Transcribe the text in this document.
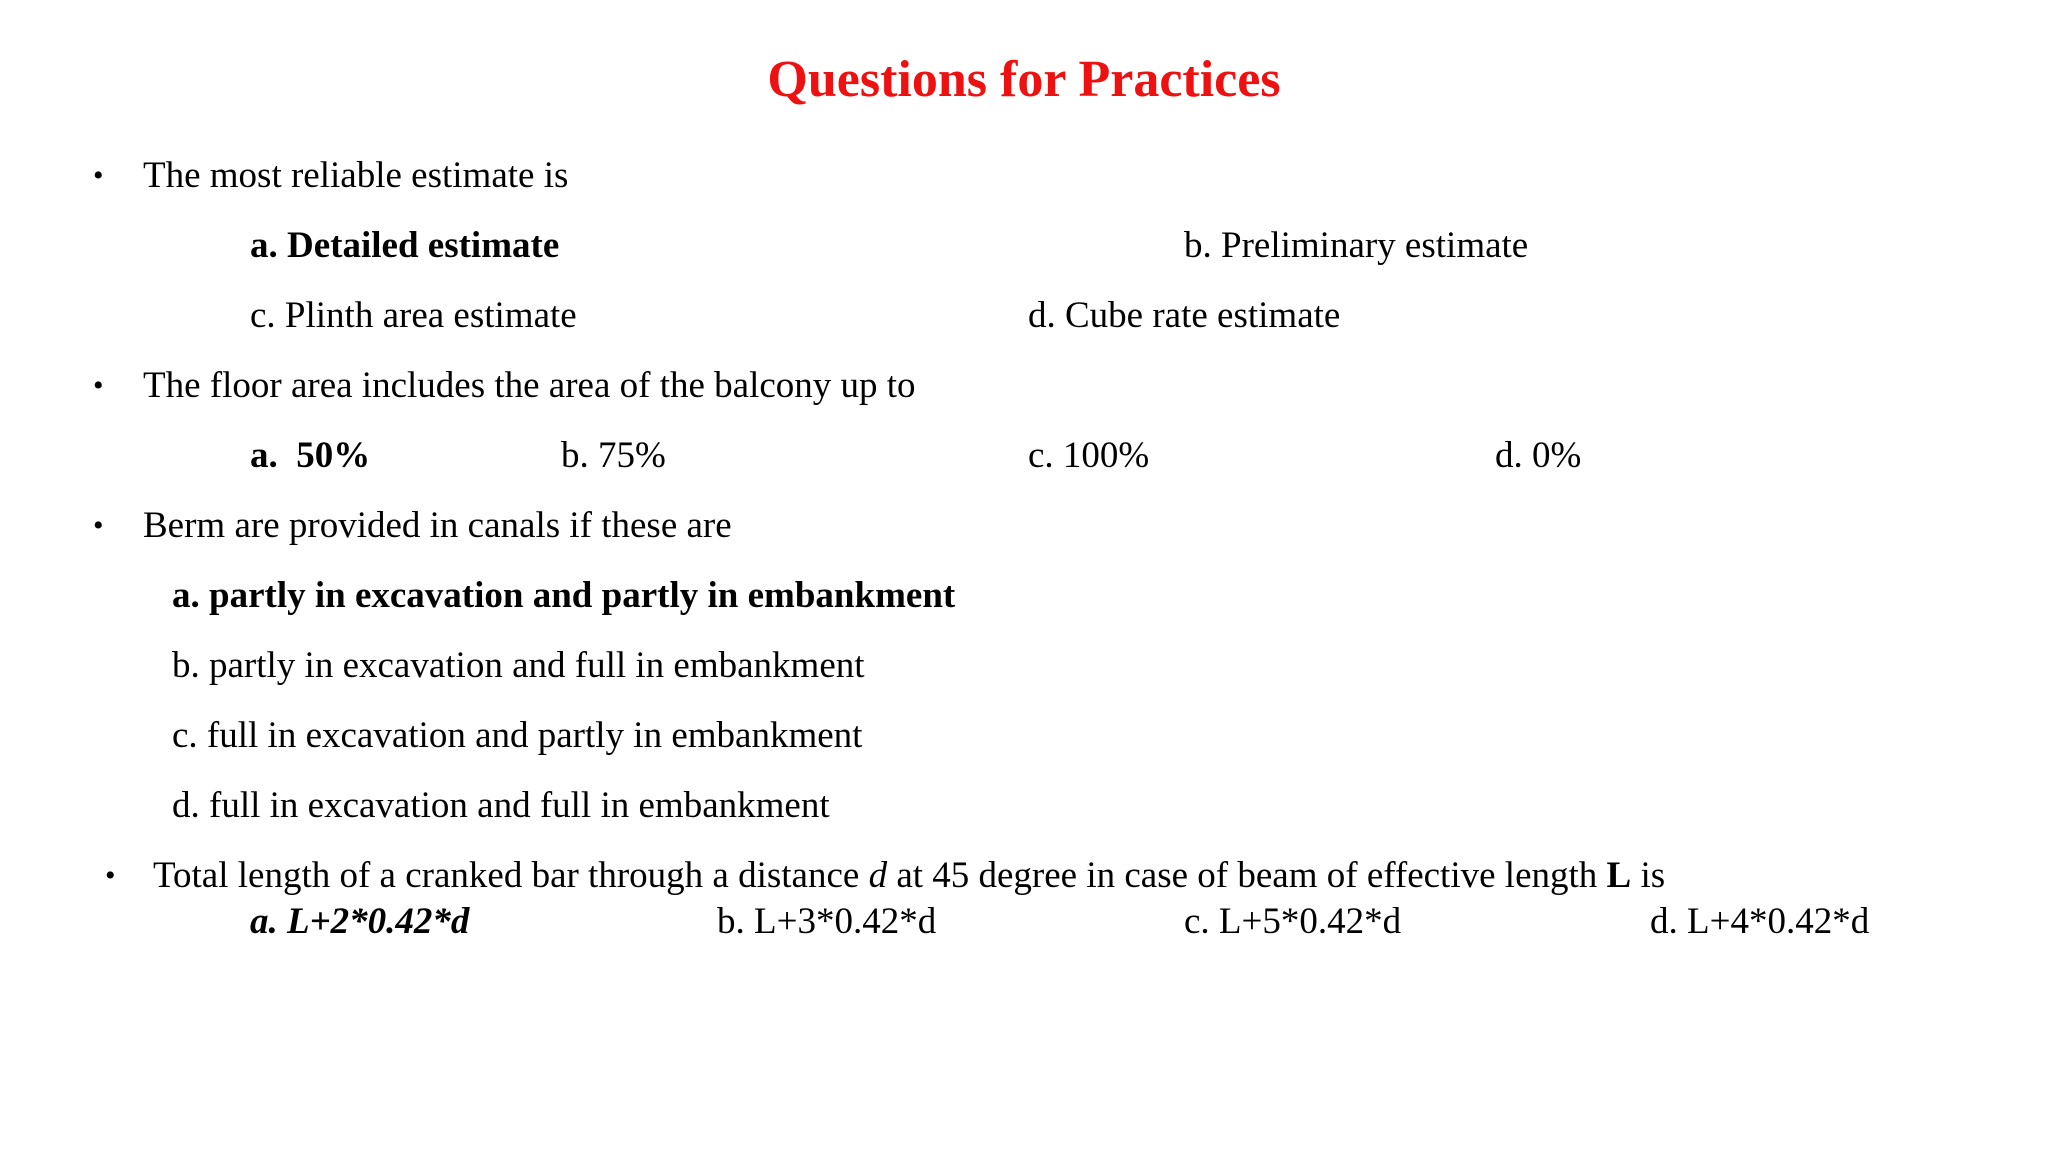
Questions for Practices
• The most reliable estimate is
a. Detailed estimate	b. Preliminary estimate
c. Plinth area estimate	d. Cube rate estimate
• The floor area includes the area of the balcony up to
a.  50%	b. 75%	c. 100%	d. 0%
• Berm are provided in canals if these are
a. partly in excavation and partly in embankment
b. partly in excavation and full in embankment
c. full in excavation and partly in embankment
d. full in excavation and full in embankment
• Total length of a cranked bar through a distance d at 45 degree in case of beam of effective length L is
a. L+2*0.42*d	b. L+3*0.42*d	c. L+5*0.42*d	d. L+4*0.42*d
